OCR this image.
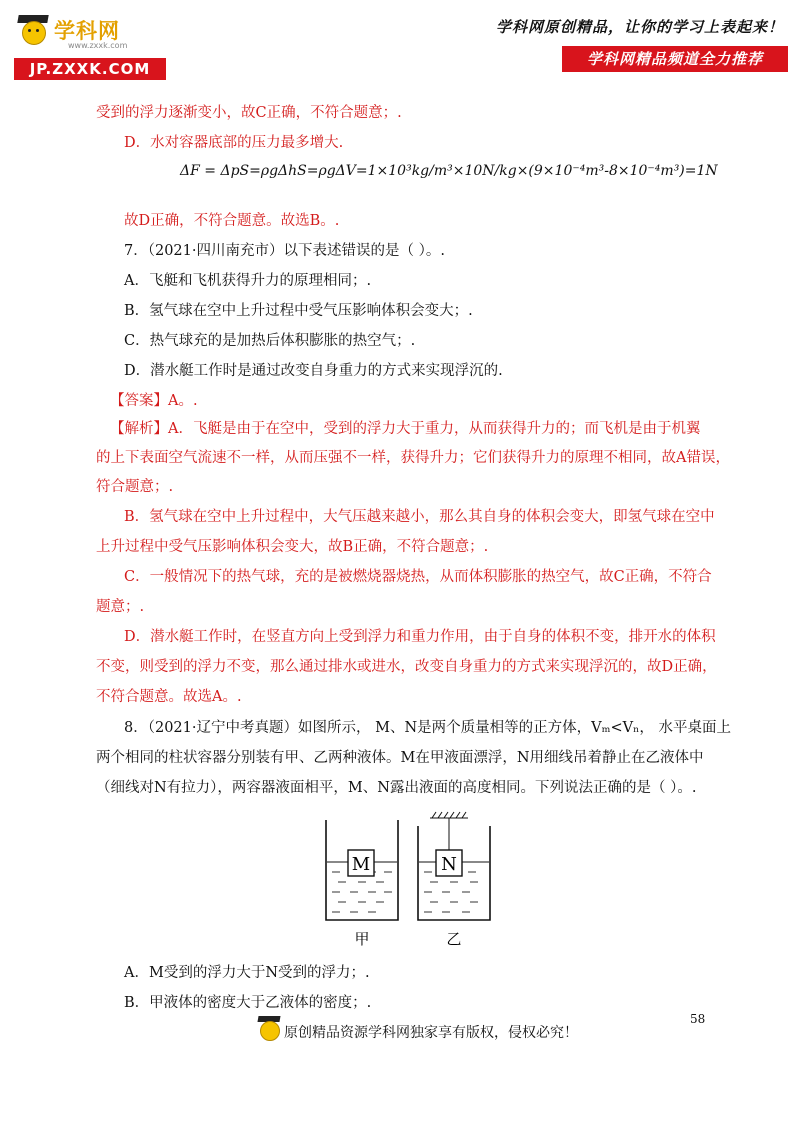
学科网
www.zxxk.com
JP.ZXXK.COM
学科网原创精品，让你的学习上表起来！
学科网精品频道全力推荐
受到的浮力逐渐变小，故C正确，不符合题意；.
D．水对容器底部的压力最多增大.
ΔF = ΔpS=ρgΔhS=ρgΔV=1×10³kg/m³×10N/kg×(9×10⁻⁴m³-8×10⁻⁴m³)=1N
故D正确，不符合题意。故选B。.
7．（2021·四川南充市）以下表述错误的是（ ）。.
A．飞艇和飞机获得升力的原理相同；.
B．氢气球在空中上升过程中受气压影响体积会变大；.
C．热气球充的是加热后体积膨胀的热空气；.
D．潜水艇工作时是通过改变自身重力的方式来实现浮沉的.
【答案】A。.
【解析】A．飞艇是由于在空中，受到的浮力大于重力，从而获得升力的；而飞机是由于机翼
的上下表面空气流速不一样，从而压强不一样，获得升力；它们获得升力的原理不相同，故A错误，
符合题意；.
B．氢气球在空中上升过程中，大气压越来越小，那么其自身的体积会变大，即氢气球在空中
上升过程中受气压影响体积会变大，故B正确，不符合题意；.
C．一般情况下的热气球，充的是被燃烧器烧热，从而体积膨胀的热空气，故C正确，不符合
题意；.
D．潜水艇工作时，在竖直方向上受到浮力和重力作用，由于自身的体积不变，排开水的体积
不变，则受到的浮力不变，那么通过排水或进水，改变自身重力的方式来实现浮沉的，故D正确，
不符合题意。故选A。.
8．（2021·辽宁中考真题）如图所示， M、N是两个质量相等的正方体，Vₘ<Vₙ， 水平桌面上
两个相同的柱状容器分别装有甲、乙两种液体。M在甲液面漂浮，N用细线吊着静止在乙液体中
（细线对N有拉力），两容器液面相平，M、N露出液面的高度相同。下列说法正确的是（ ）。.
M	N
甲	乙
A．M受到的浮力大于N受到的浮力；.
B．甲液体的密度大于乙液体的密度；.
58
原创精品资源学科网独家享有版权，侵权必究！
